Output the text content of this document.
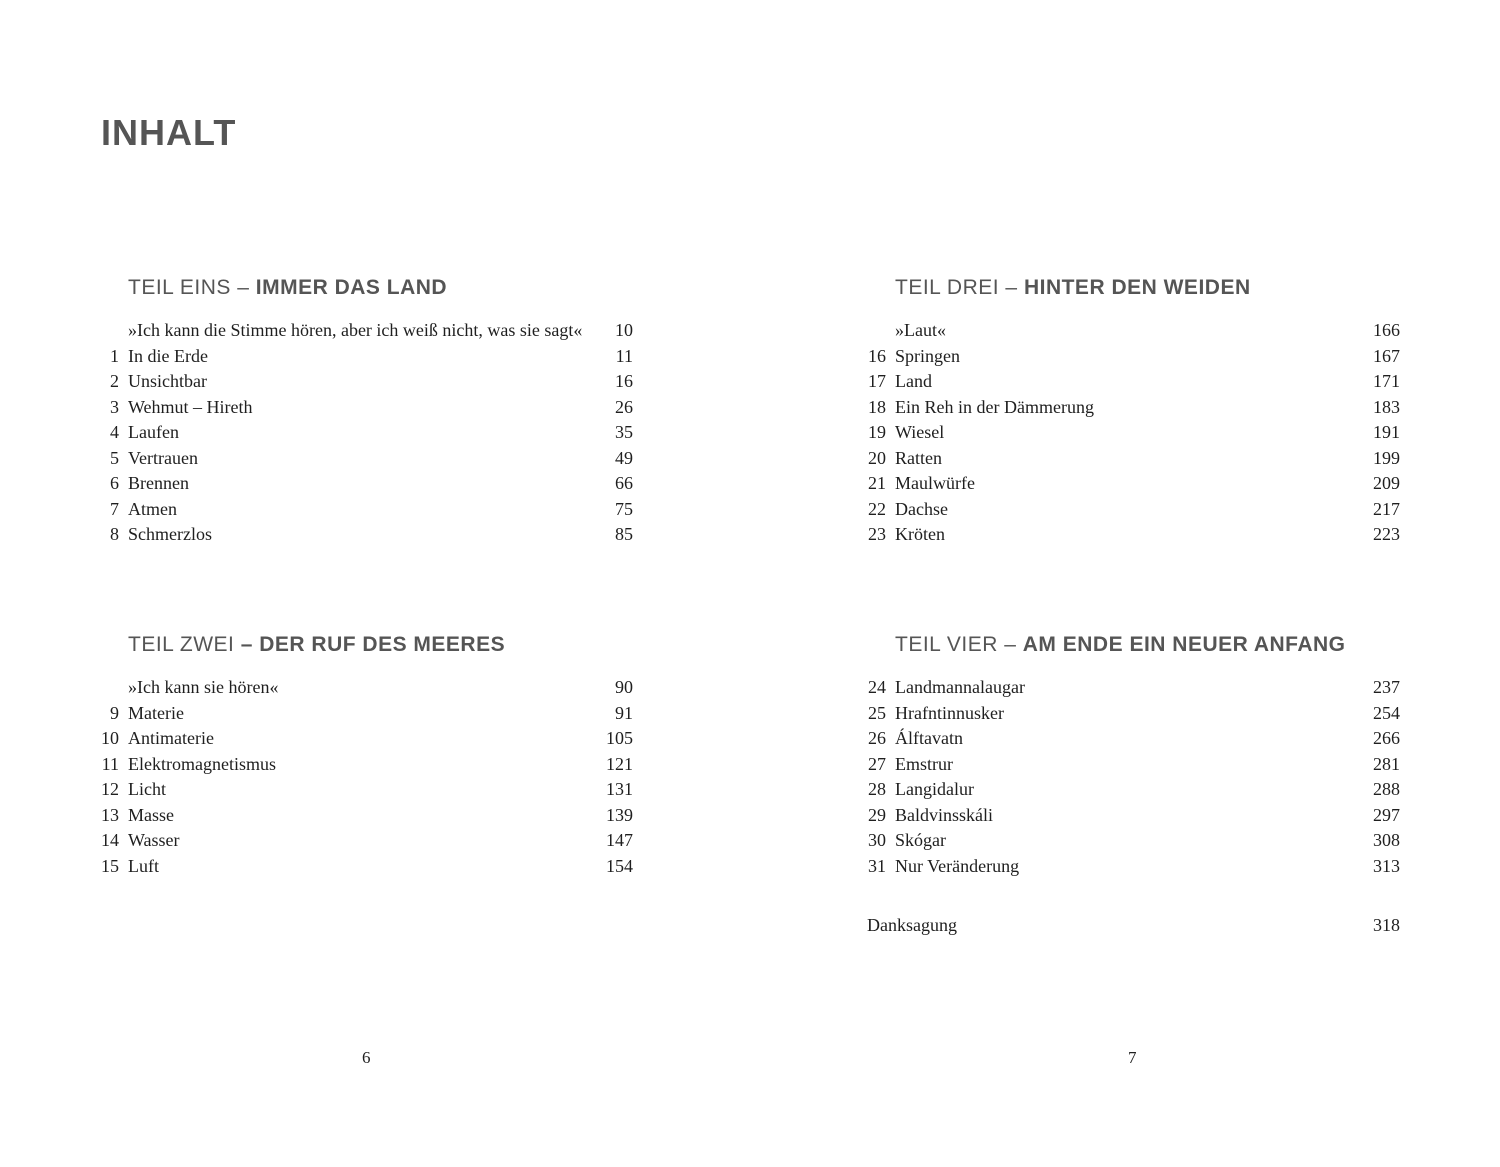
INHALT
TEIL EINS – IMMER DAS LAND
»Ich kann die Stimme hören, aber ich weiß nicht, was sie sagt« 10
1 In die Erde	11
2 Unsichtbar	16
3 Wehmut – Hireth	26
4 Laufen	35
5 Vertrauen	49
6 Brennen	66
7 Atmen	75
8 Schmerzlos	85
TEIL ZWEI – DER RUF DES MEERES
»Ich kann sie hören«	90
9 Materie	91
10 Antimaterie	105
11 Elektromagnetismus	121
12 Licht	131
13 Masse	139
14 Wasser	147
15 Luft	154
TEIL DREI – HINTER DEN WEIDEN
»Laut«	166
16 Springen	167
17 Land	171
18 Ein Reh in der Dämmerung	183
19 Wiesel	191
20 Ratten	199
21 Maulwürfe	209
22 Dachse	217
23 Kröten	223
TEIL VIER – AM ENDE EIN NEUER ANFANG
24 Landmannalaugar	237
25 Hrafntinnusker	254
26 Álftavatn	266
27 Emstrur	281
28 Langidalur	288
29 Baldvinsskáli	297
30 Skógar	308
31 Nur Veränderung	313
Danksagung	318
6	7
